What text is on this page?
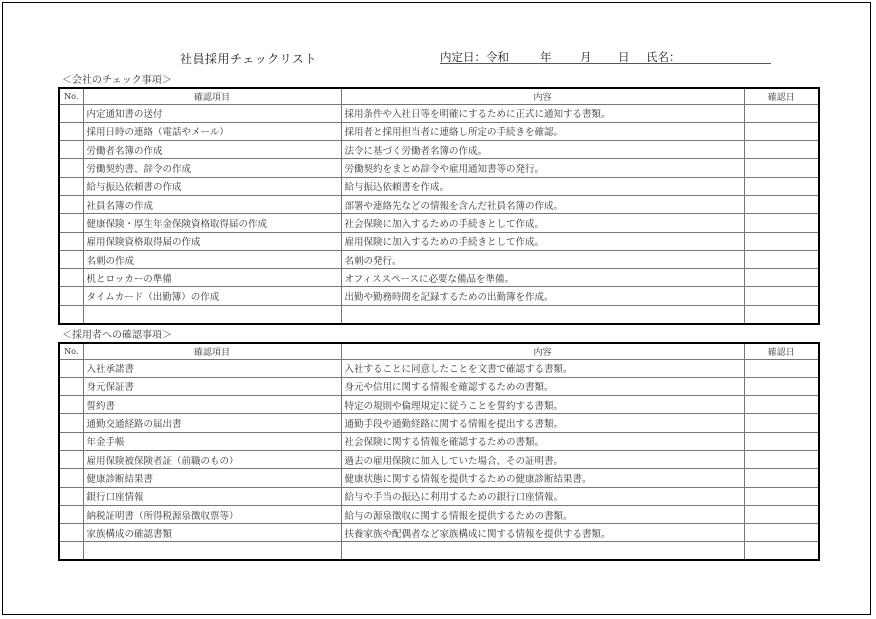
社員採用チェックリスト	内定日：令和	年 月 日 氏名：
＜会社のチェック事項＞
No.	確認項目	内容	確認日
	内定通知書の送付	採用条件や入社日等を明確にするために正式に通知する書類。	
	採用日時の連絡（電話やメール）	採用者と採用担当者に連絡し所定の手続きを確認。	
	労働者名簿の作成	法令に基づく労働者名簿の作成。	
	労働契約書、辞令の作成	労働契約をまとめ辞令や雇用通知書等の発行。	
	給与振込依頼書の作成	給与振込依頼書を作成。	
	社員名簿の作成	部署や連絡先などの情報を含んだ社員名簿の作成。	
	健康保険・厚生年金保険資格取得届の作成	社会保険に加入するための手続きとして作成。	
	雇用保険資格取得届の作成	雇用保険に加入するための手続きとして作成。	
	名刺の作成	名刺の発行。	
	机とロッカーの準備	オフィススペースに必要な備品を準備。	
	タイムカード（出勤簿）の作成	出勤や勤務時間を記録するための出勤簿を作成。	

＜採用者への確認事項＞
No.	確認項目	内容	確認日
	入社承諾書	入社することに同意したことを文書で確認する書類。	
	身元保証書	身元や信用に関する情報を確認するための書類。	
	誓約書	特定の規則や倫理規定に従うことを誓約する書類。	
	通勤交通経路の届出書	通勤手段や通勤経路に関する情報を提出する書類。	
	年金手帳	社会保険に関する情報を確認するための書類。	
	雇用保険被保険者証（前職のもの）	過去の雇用保険に加入していた場合、その証明書。	
	健康診断結果書	健康状態に関する情報を提供するための健康診断結果書。	
	銀行口座情報	給与や手当の振込に利用するための銀行口座情報。	
	納税証明書（所得税源泉徴収票等）	給与の源泉徴収に関する情報を提供するための書類。	
	家族構成の確認書類	扶養家族や配偶者など家族構成に関する情報を提供する書類。	
